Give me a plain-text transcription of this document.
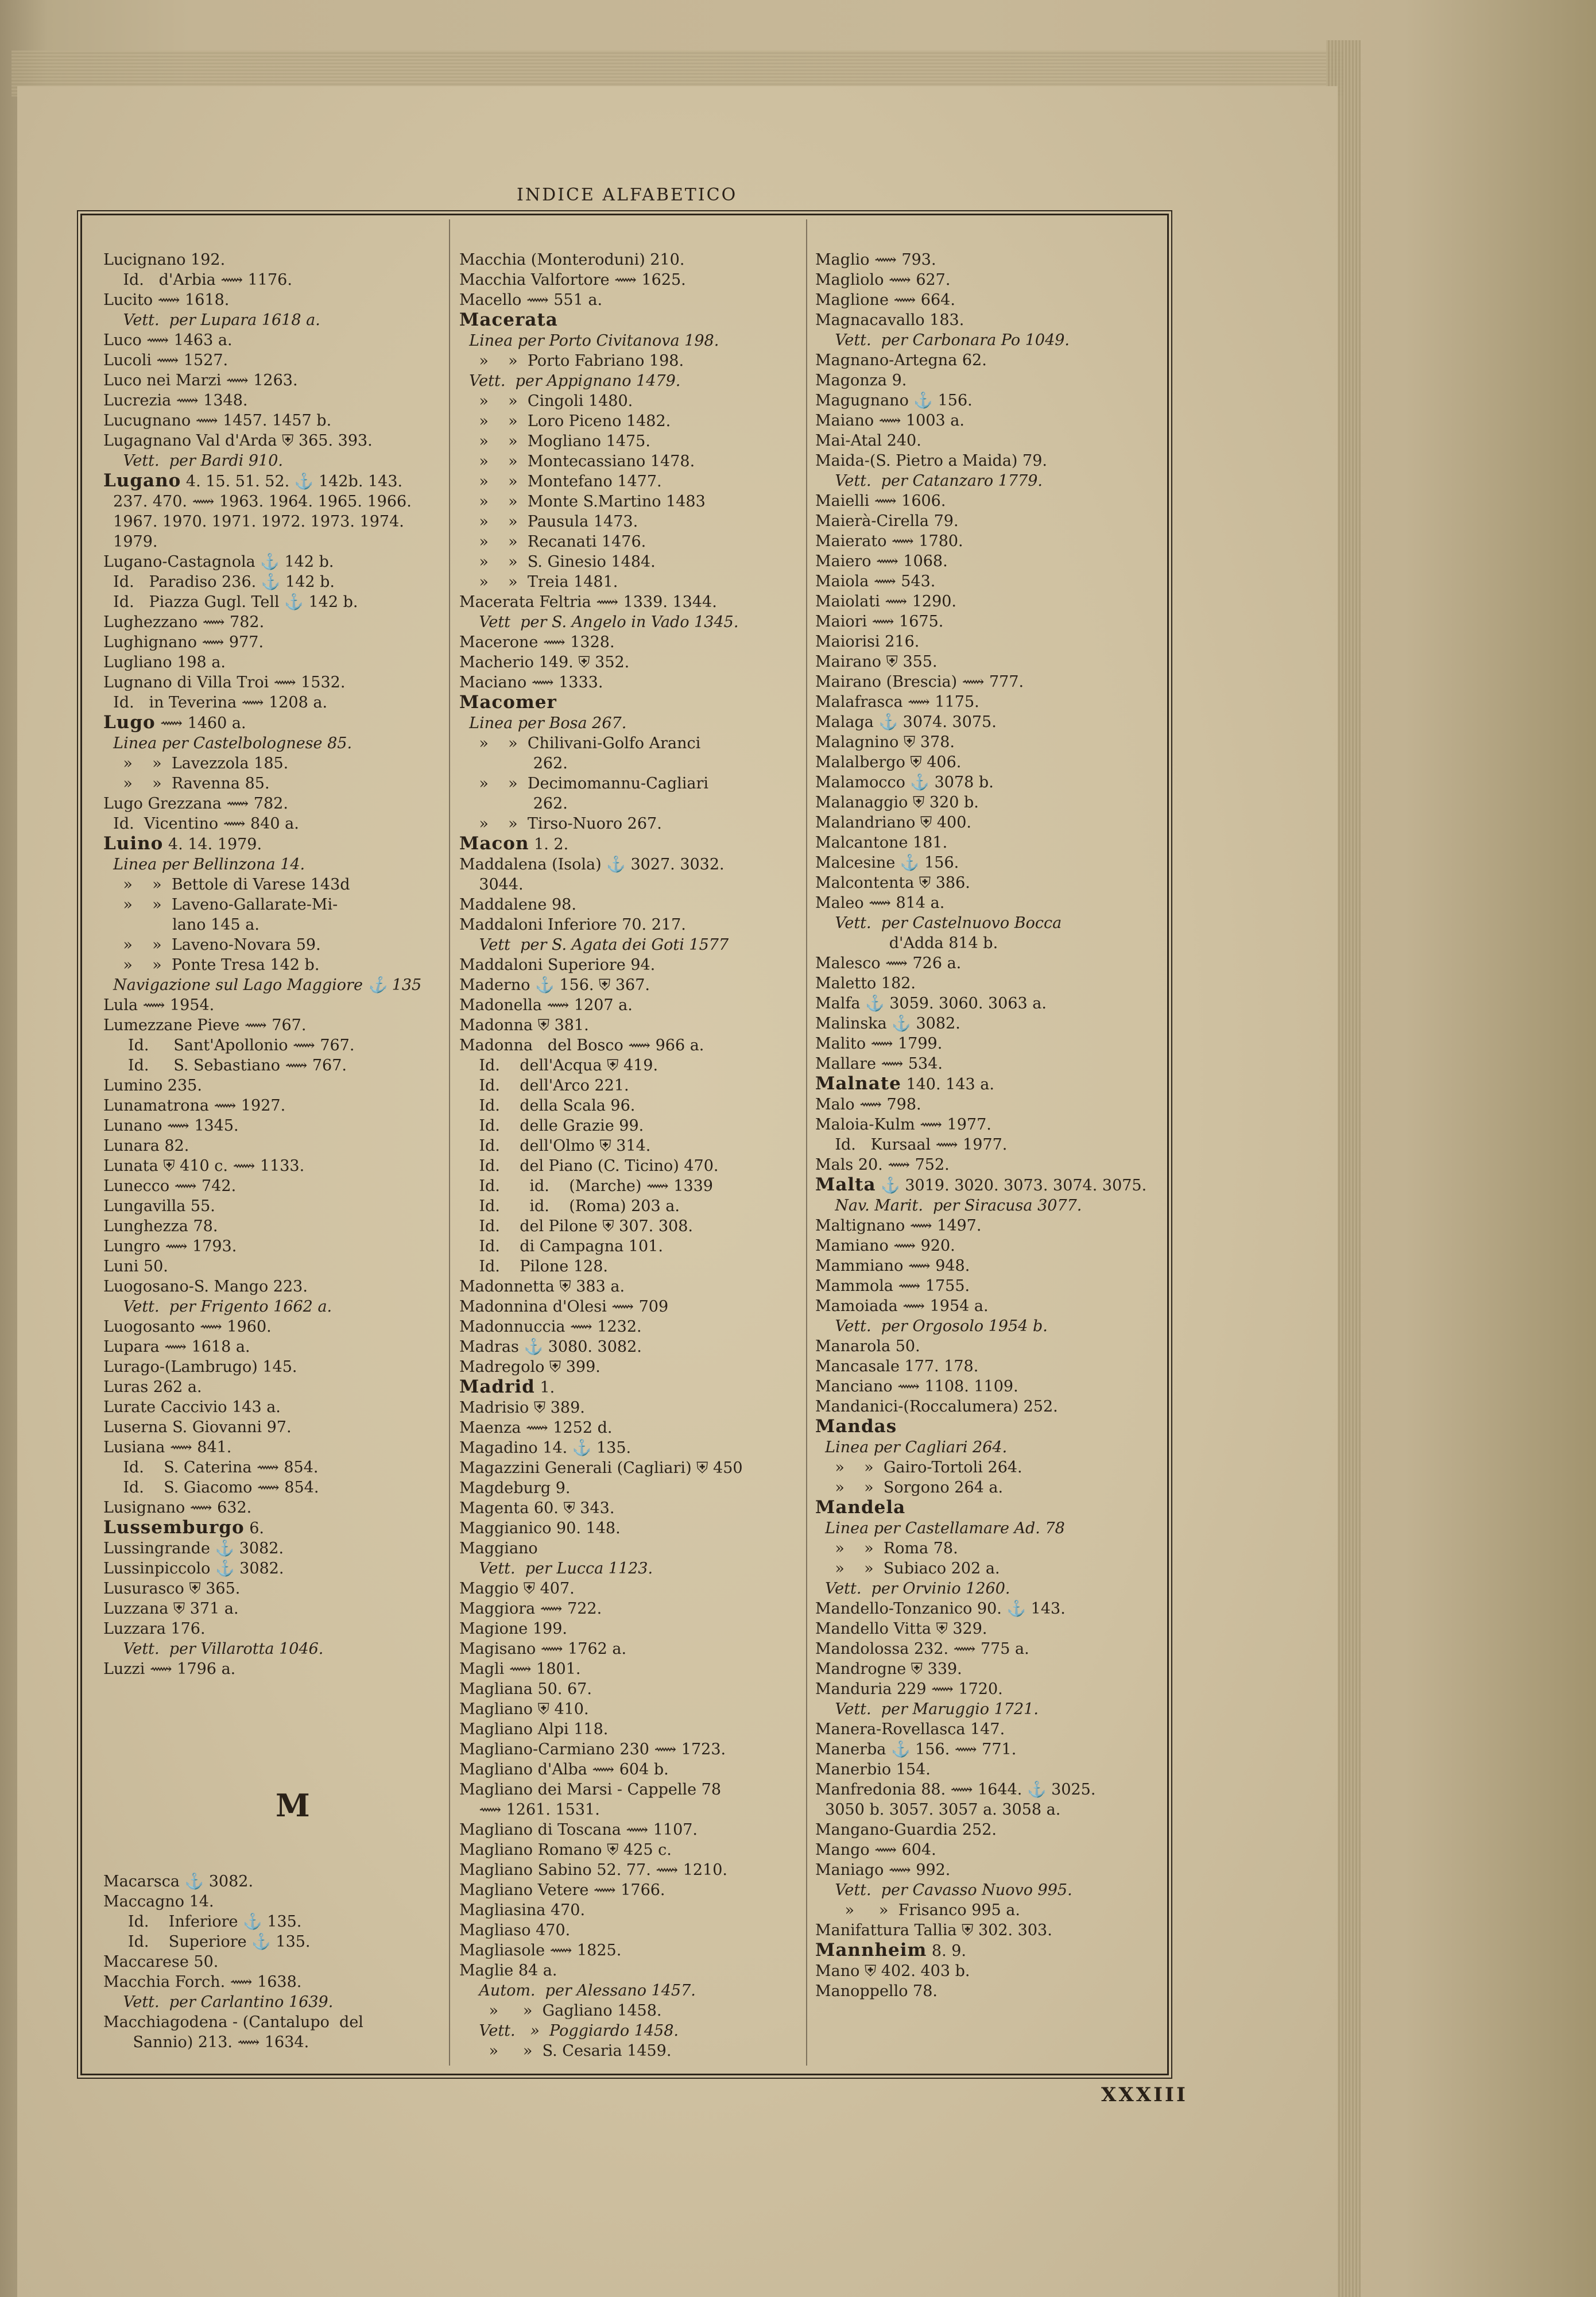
INDICE ALFABETICO
Lucignano 192.
Id.   d'Arbia ⟿ 1176.
Lucito ⟿ 1618.
Vett.  per Lupara 1618 a.
Luco ⟿ 1463 a.
Lucoli ⟿ 1527.
Luco nei Marzi ⟿ 1263.
Lucrezia ⟿ 1348.
Lucugnano ⟿ 1457. 1457 b.
Lugagnano Val d'Arda ⛨ 365. 393.
Vett.  per Bardi 910.
Lugano 4. 15. 51. 52. ⚓ 142b. 143.
237. 470. ⟿ 1963. 1964. 1965. 1966.
1967. 1970. 1971. 1972. 1973. 1974.
1979.
Lugano-Castagnola ⚓ 142 b.
Id.   Paradiso 236. ⚓ 142 b.
Id.   Piazza Gugl. Tell ⚓ 142 b.
Lughezzano ⟿ 782.
Lughignano ⟿ 977.
Lugliano 198 a.
Lugnano di Villa Troi ⟿ 1532.
Id.   in Teverina ⟿ 1208 a.
Lugo ⟿ 1460 a.
Linea per Castelbolognese 85.
»    »  Lavezzola 185.
»    »  Ravenna 85.
Lugo Grezzana ⟿ 782.
Id.  Vicentino ⟿ 840 a.
Luino 4. 14. 1979.
Linea per Bellinzona 14.
»    »  Bettole di Varese 143d
»    »  Laveno-Gallarate-Mi-
lano 145 a.
»    »  Laveno-Novara 59.
»    »  Ponte Tresa 142 b.
Navigazione sul Lago Maggiore ⚓ 135
Lula ⟿ 1954.
Lumezzane Pieve ⟿ 767.
Id.     Sant'Apollonio ⟿ 767.
Id.     S. Sebastiano ⟿ 767.
Lumino 235.
Lunamatrona ⟿ 1927.
Lunano ⟿ 1345.
Lunara 82.
Lunata ⛨ 410 c. ⟿ 1133.
Lunecco ⟿ 742.
Lungavilla 55.
Lunghezza 78.
Lungro ⟿ 1793.
Luni 50.
Luogosano-S. Mango 223.
Vett.  per Frigento 1662 a.
Luogosanto ⟿ 1960.
Lupara ⟿ 1618 a.
Lurago-(Lambrugo) 145.
Luras 262 a.
Lurate Caccivio 143 a.
Luserna S. Giovanni 97.
Lusiana ⟿ 841.
Id.    S. Caterina ⟿ 854.
Id.    S. Giacomo ⟿ 854.
Lusignano ⟿ 632.
Lussemburgo 6.
Lussingrande ⚓ 3082.
Lussinpiccolo ⚓ 3082.
Lusurasco ⛨ 365.
Luzzana ⛨ 371 a.
Luzzara 176.
Vett.  per Villarotta 1046.
Luzzi ⟿ 1796 a.
M
Macarsca ⚓ 3082.
Maccagno 14.
Id.    Inferiore ⚓ 135.
Id.    Superiore ⚓ 135.
Maccarese 50.
Macchia Forch. ⟿ 1638.
Vett.  per Carlantino 1639.
Macchiagodena - (Cantalupo  del
Sannio) 213. ⟿ 1634.
Macchia (Monteroduni) 210.
Macchia Valfortore ⟿ 1625.
Macello ⟿ 551 a.
Macerata
Linea per Porto Civitanova 198.
»    »  Porto Fabriano 198.
Vett.  per Appignano 1479.
»    »  Cingoli 1480.
»    »  Loro Piceno 1482.
»    »  Mogliano 1475.
»    »  Montecassiano 1478.
»    »  Montefano 1477.
»    »  Monte S.Martino 1483
»    »  Pausula 1473.
»    »  Recanati 1476.
»    »  S. Ginesio 1484.
»    »  Treia 1481.
Macerata Feltria ⟿ 1339. 1344.
Vett  per S. Angelo in Vado 1345.
Macerone ⟿ 1328.
Macherio 149. ⛨ 352.
Maciano ⟿ 1333.
Macomer
Linea per Bosa 267.
»    »  Chilivani-Golfo Aranci
262.
»    »  Decimomannu-Cagliari
262.
»    »  Tirso-Nuoro 267.
Macon 1. 2.
Maddalena (Isola) ⚓ 3027. 3032.
3044.
Maddalene 98.
Maddaloni Inferiore 70. 217.
Vett  per S. Agata dei Goti 1577
Maddaloni Superiore 94.
Maderno ⚓ 156. ⛨ 367.
Madonella ⟿ 1207 a.
Madonna ⛨ 381.
Madonna   del Bosco ⟿ 966 a.
Id.    dell'Acqua ⛨ 419.
Id.    dell'Arco 221.
Id.    della Scala 96.
Id.    delle Grazie 99.
Id.    dell'Olmo ⛨ 314.
Id.    del Piano (C. Ticino) 470.
Id.      id.    (Marche) ⟿ 1339
Id.      id.    (Roma) 203 a.
Id.    del Pilone ⛨ 307. 308.
Id.    di Campagna 101.
Id.    Pilone 128.
Madonnetta ⛨ 383 a.
Madonnina d'Olesi ⟿ 709
Madonnuccia ⟿ 1232.
Madras ⚓ 3080. 3082.
Madregolo ⛨ 399.
Madrid 1.
Madrisio ⛨ 389.
Maenza ⟿ 1252 d.
Magadino 14. ⚓ 135.
Magazzini Generali (Cagliari) ⛨ 450
Magdeburg 9.
Magenta 60. ⛨ 343.
Maggianico 90. 148.
Maggiano
Vett.  per Lucca 1123.
Maggio ⛨ 407.
Maggiora ⟿ 722.
Magione 199.
Magisano ⟿ 1762 a.
Magli ⟿ 1801.
Magliana 50. 67.
Magliano ⛨ 410.
Magliano Alpi 118.
Magliano-Carmiano 230 ⟿ 1723.
Magliano d'Alba ⟿ 604 b.
Magliano dei Marsi - Cappelle 78
⟿ 1261. 1531.
Magliano di Toscana ⟿ 1107.
Magliano Romano ⛨ 425 c.
Magliano Sabino 52. 77. ⟿ 1210.
Magliano Vetere ⟿ 1766.
Magliasina 470.
Magliaso 470.
Magliasole ⟿ 1825.
Maglie 84 a.
Autom.  per Alessano 1457.
»     »  Gagliano 1458.
Vett.   »  Poggiardo 1458.
»     »  S. Cesaria 1459.
Maglio ⟿ 793.
Magliolo ⟿ 627.
Maglione ⟿ 664.
Magnacavallo 183.
Vett.  per Carbonara Po 1049.
Magnano-Artegna 62.
Magonza 9.
Magugnano ⚓ 156.
Maiano ⟿ 1003 a.
Mai-Atal 240.
Maida-(S. Pietro a Maida) 79.
Vett.  per Catanzaro 1779.
Maielli ⟿ 1606.
Maierà-Cirella 79.
Maierato ⟿ 1780.
Maiero ⟿ 1068.
Maiola ⟿ 543.
Maiolati ⟿ 1290.
Maiori ⟿ 1675.
Maiorisi 216.
Mairano ⛨ 355.
Mairano (Brescia) ⟿ 777.
Malafrasca ⟿ 1175.
Malaga ⚓ 3074. 3075.
Malagnino ⛨ 378.
Malalbergo ⛨ 406.
Malamocco ⚓ 3078 b.
Malanaggio ⛨ 320 b.
Malandriano ⛨ 400.
Malcantone 181.
Malcesine ⚓ 156.
Malcontenta ⛨ 386.
Maleo ⟿ 814 a.
Vett.  per Castelnuovo Bocca
d'Adda 814 b.
Malesco ⟿ 726 a.
Maletto 182.
Malfa ⚓ 3059. 3060. 3063 a.
Malinska ⚓ 3082.
Malito ⟿ 1799.
Mallare ⟿ 534.
Malnate 140. 143 a.
Malo ⟿ 798.
Maloia-Kulm ⟿ 1977.
Id.   Kursaal ⟿ 1977.
Mals 20. ⟿ 752.
Malta ⚓ 3019. 3020. 3073. 3074. 3075.
Nav. Marit.  per Siracusa 3077.
Maltignano ⟿ 1497.
Mamiano ⟿ 920.
Mammiano ⟿ 948.
Mammola ⟿ 1755.
Mamoiada ⟿ 1954 a.
Vett.  per Orgosolo 1954 b.
Manarola 50.
Mancasale 177. 178.
Manciano ⟿ 1108. 1109.
Mandanici-(Roccalumera) 252.
Mandas
Linea per Cagliari 264.
»    »  Gairo-Tortoli 264.
»    »  Sorgono 264 a.
Mandela
Linea per Castellamare Ad. 78
»    »  Roma 78.
»    »  Subiaco 202 a.
Vett.  per Orvinio 1260.
Mandello-Tonzanico 90. ⚓ 143.
Mandello Vitta ⛨ 329.
Mandolossa 232. ⟿ 775 a.
Mandrogne ⛨ 339.
Manduria 229 ⟿ 1720.
Vett.  per Maruggio 1721.
Manera-Rovellasca 147.
Manerba ⚓ 156. ⟿ 771.
Manerbio 154.
Manfredonia 88. ⟿ 1644. ⚓ 3025.
3050 b. 3057. 3057 a. 3058 a.
Mangano-Guardia 252.
Mango ⟿ 604.
Maniago ⟿ 992.
Vett.  per Cavasso Nuovo 995.
»     »  Frisanco 995 a.
Manifattura Tallia ⛨ 302. 303.
Mannheim 8. 9.
Mano ⛨ 402. 403 b.
Manoppello 78.
XXXIII
